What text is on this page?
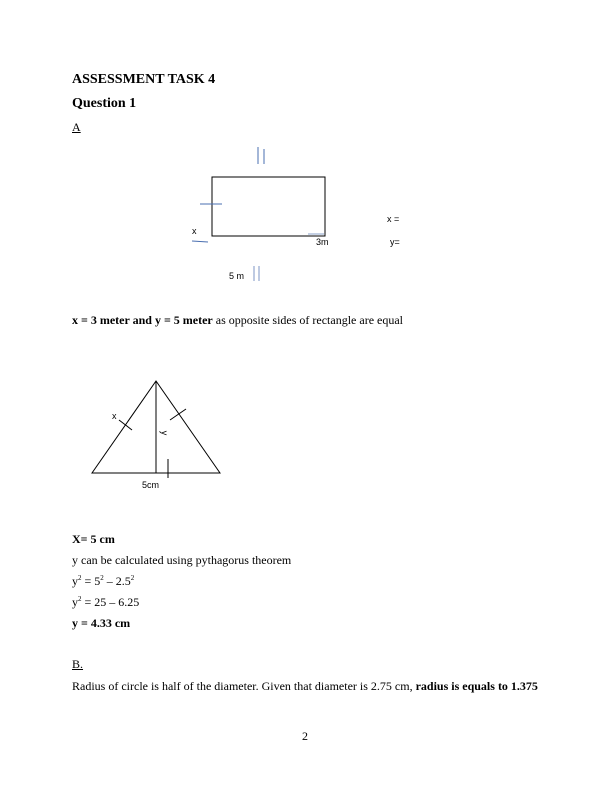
ASSESSMENT TASK 4
Question 1
A
x
3m
5 m
x =
y=
x = 3 meter and y = 5 meter as opposite sides of rectangle are equal
x
y
5cm
X= 5 cm
y can be calculated using pythagorus theorem
$y^2 = 5^2 - 2.5^2$
$y^2 = 25 - 6.25$
y = 4.33 cm
B.
Radius of circle is half of the diameter. Given that diameter is 2.75 cm, radius is equals to 1.375
2
